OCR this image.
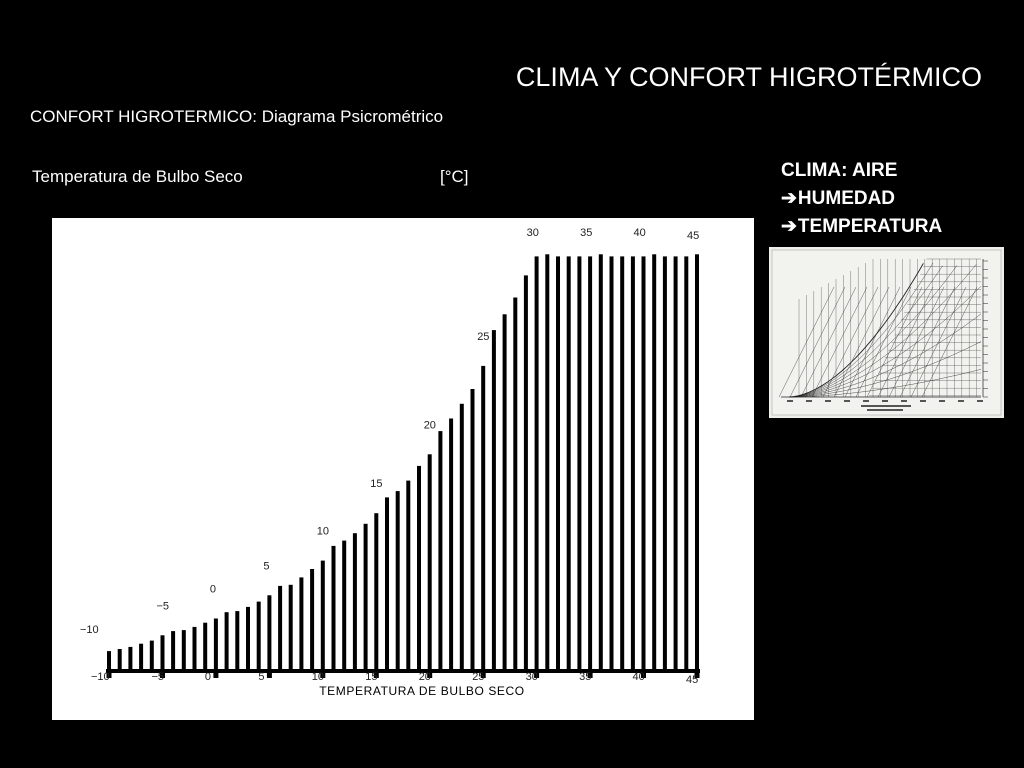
CLIMA Y CONFORT HIGROTÉRMICO
CONFORT HIGROTERMICO: Diagrama Psicrométrico
Temperatura de Bulbo Seco	[°C]	CLIMA: AIRE
➔HUMEDAD
➔TEMPERATURA
−10
−5
0
5
10
15
20
25
30	35	40	45
−10	−5	0	5	10	15	20	25	30	35	40	45
TEMPERATURA DE BULBO SECO
